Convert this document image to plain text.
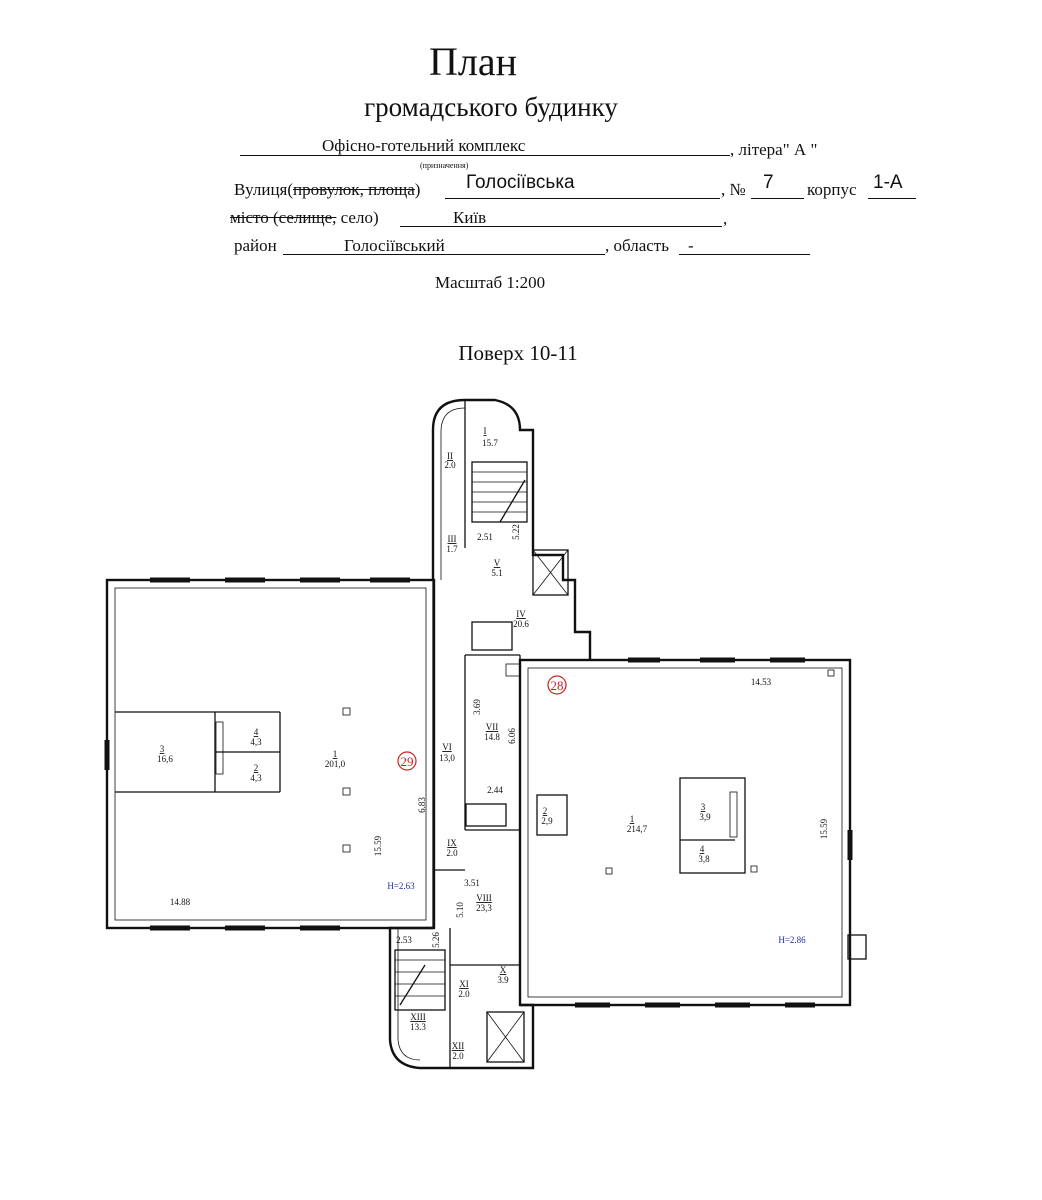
План
громадського будинку
Офісно-готельний комплекс	, літера" А "
(призначення)
Вулиця(провулок, площа) Голосіївська	, № 7 корпус 1-А
місто (селище, село)	Київ	,
район	Голосіївський	, область -
Масштаб 1:200
Поверх 10-11
I
15.7
II
2.0
III
1.7
V
5.1
IV
20.6
VI
13,0
VII
14.8
IX
2.0
VIII
23,3
X
3.9
XI
2.0
XIII
13.3
XII
2.0
1
201,0
3
16,6
4
4,3
2
4,3
1
214,7
2
2,9
3
3,9
4
3,8
2.51 5.22
3.69
6.06
2.44
6.83
15.59
14.88
3.51
5.10
2.53 5.26
14.53
15.59
H=2.63
H=2.86
28
29
